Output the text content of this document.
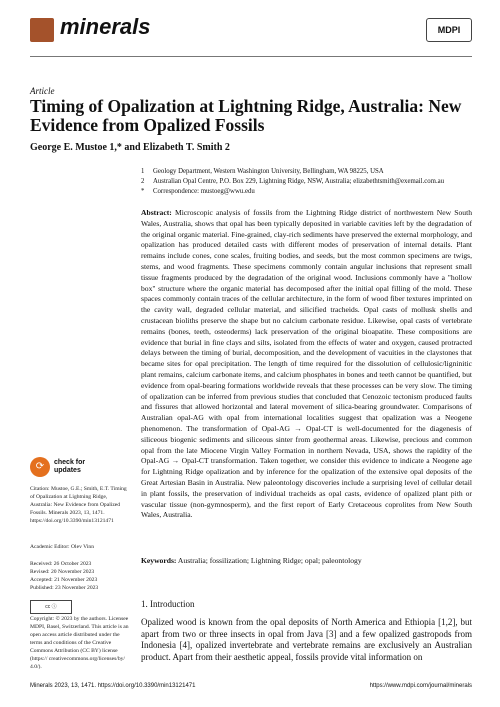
minerals	MDPI
Article
Timing of Opalization at Lightning Ridge, Australia: New Evidence from Opalized Fossils
George E. Mustoe 1,* and Elizabeth T. Smith 2
1	Geology Department, Western Washington University, Bellingham, WA 98225, USA
2	Australian Opal Centre, P.O. Box 229, Lightning Ridge, NSW, Australia; elizabethtsmith@exemail.com.au
*	Correspondence: mustoeg@wwu.edu
Abstract: Microscopic analysis of fossils from the Lightning Ridge district of northwestern New South Wales, Australia, shows that opal has been typically deposited in variable cavities left by the degradation of the original organic material. Fine-grained, clay-rich sediments have preserved the external morphology, and opalization has produced detailed casts with different modes of preservation of internal details. Plant remains include cones, cone scales, fruiting bodies, and seeds, but the most common specimens are twigs, stems, and wood fragments. These specimens commonly contain angular inclusions that represent small tissue fragments produced by the degradation of the original wood. Inclusions commonly have a "hollow box" structure where the organic material has decomposed after the initial opal filling of the mold. These spaces commonly contain traces of the cellular architecture, in the form of wood fiber textures imprinted on the cavity wall, degraded cellular material, and silicified tracheids. Opal casts of mollusk shells and crustacean bioliths preserve the shape but no calcium carbonate residue. Likewise, opal casts of vertebrate remains (bones, teeth, osteoderms) lack preservation of the original bioapatite. These compositions are evidence that burial in fine clays and silts, isolated from the effects of water and oxygen, caused protracted delays between the timing of burial, decomposition, and the development of vacuities in the claystones that became sites for opal precipitation. The length of time required for the dissolution of cellulosic/ligninitic plant remains, calcium carbonate items, and calcium phosphates in bones and teeth cannot be quantified, but evidence from opal-bearing formations worldwide reveals that these processes can be very slow. The timing of opalization can be inferred from previous studies that concluded that Cenozoic tectonism produced faults and fissures that allowed horizontal and lateral movement of silica-bearing groundwater. Comparisons of Australian opal-AG with opal from international localities suggest that opalization was a Neogene phenomenon. The transformation of Opal-AG → Opal-CT is well-documented for the diagenesis of siliceous biogenic sediments and siliceous sinter from geothermal areas. Likewise, precious and common opal from the late Miocene Virgin Valley Formation in northern Nevada, USA, shows the rapidity of the Opal-AG → Opal-CT transformation. Taken together, we consider this evidence to indicate a Neogene age for Lightning Ridge opalization and by inference for the opalization of the extensive opal deposits of the Great Artesian Basin in Australia. New paleontology discoveries include a surprising level of cellular detail in plant fossils, the preservation of individual tracheids as opal casts, evidence of opalized plant pith or vascular tissue (non-gymnosperm), and the first report of Early Cretaceous coprolites from New South Wales, Australia.
Keywords: Australia; fossilization; Lightning Ridge; opal; paleontology
⟳	check for
updates
Citation: Mustoe, G.E.; Smith, E.T. Timing of Opalization at Lightning Ridge, Australia: New Evidence from Opalized Fossils. Minerals 2023, 13, 1471. https://doi.org/10.3390/min13121471
Academic Editor: Olev Vinn
Received: 26 October 2023
Revised: 20 November 2023
Accepted: 21 November 2023
Published: 23 November 2023
cc ⓘ
Copyright: © 2023 by the authors. Licensee MDPI, Basel, Switzerland. This article is an open access article distributed under the terms and conditions of the Creative Commons Attribution (CC BY) license (https:// creativecommons.org/licenses/by/ 4.0/).
1. Introduction
Opalized wood is known from the opal deposits of North America and Ethiopia [1,2], but apart from two or three insects in opal from Java [3] and a few opalized gastropods from Indonesia [4], opalized invertebrate and vertebrate remains are exclusively an Australian product. Apart from their aesthetic appeal, fossils provide vital information on
Minerals 2023, 13, 1471. https://doi.org/10.3390/min13121471	https://www.mdpi.com/journal/minerals
